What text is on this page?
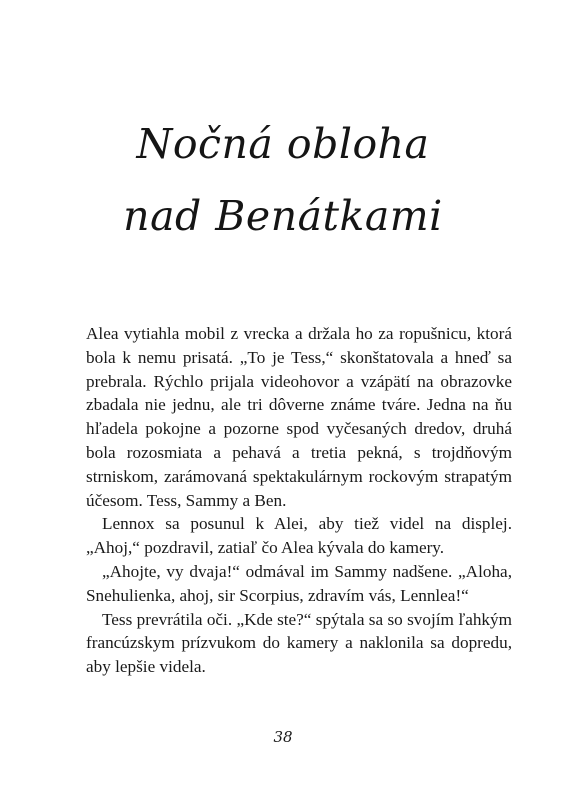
Nočná obloha
nad Benátkami

Alea vytiahla mobil z vrecka a držala ho za ropušnicu, ktorá bola k nemu prisatá. „To je Tess,“ skonštatovala a hneď sa prebrala. Rýchlo prijala videohovor a vzápätí na obrazovke zbadala nie jednu, ale tri dôverne známe tváre. Jedna na ňu hľadela pokojne a pozorne spod vyčesaných dredov, druhá bola rozosmiata a pehavá a tretia pekná, s trojdňovým strniskom, zarámovaná spektakulárnym rockovým strapatým účesom. Tess, Sammy a Ben.

Lennox sa posunul k Alei, aby tiež videl na displej. „Ahoj,“ pozdravil, zatiaľ čo Alea kývala do kamery.

„Ahojte, vy dvaja!“ odmával im Sammy nadšene. „Aloha, Snehulienka, ahoj, sir Scorpius, zdravím vás, Lennlea!“

Tess prevrátila oči. „Kde ste?“ spýtala sa so svojím ľahkým francúzskym prízvukom do kamery a naklonila sa dopredu, aby lepšie videla.

38
